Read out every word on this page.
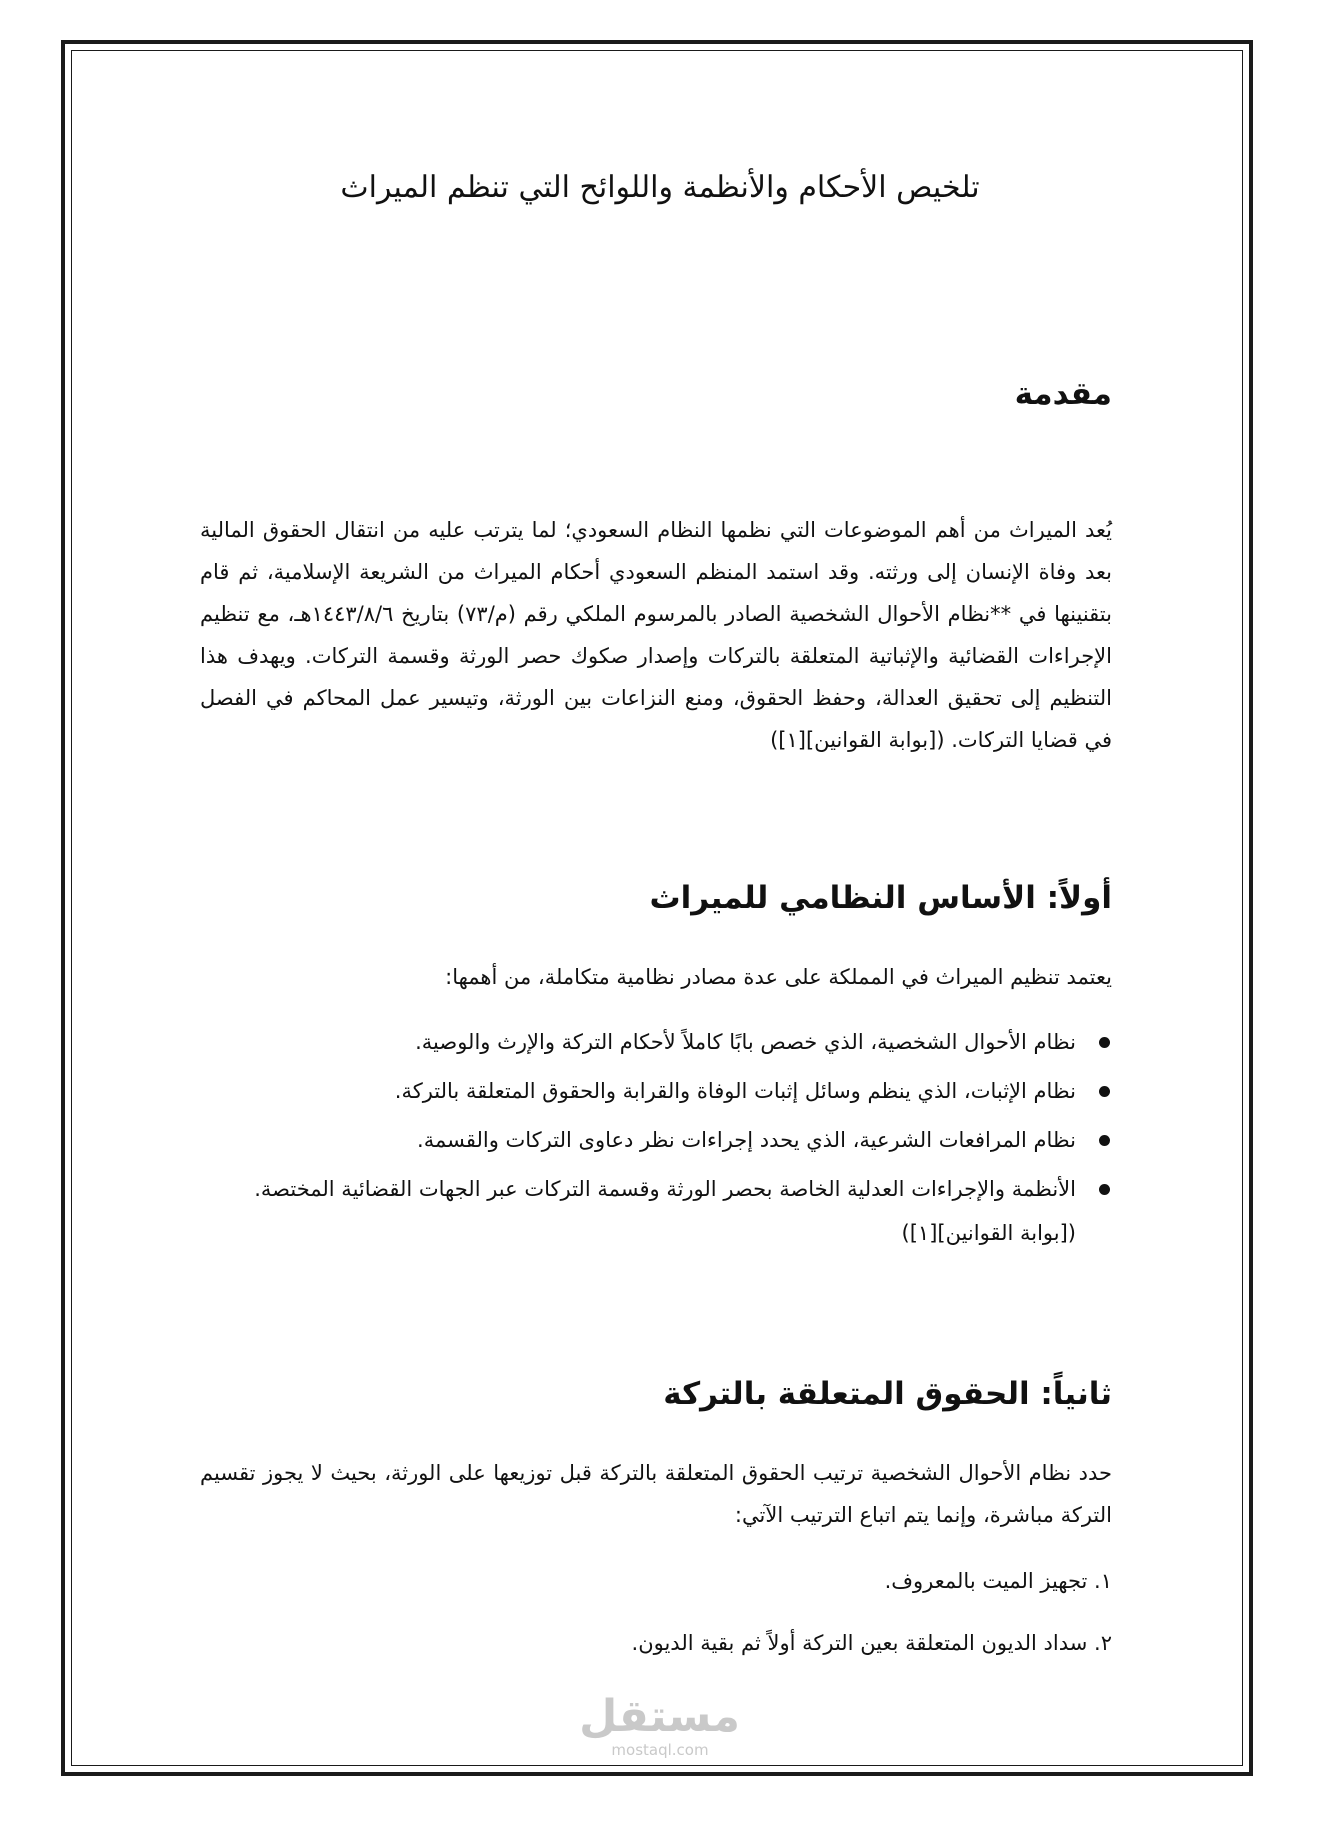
تلخيص الأحكام والأنظمة واللوائح التي تنظم الميراث
مقدمة

يُعد الميراث من أهم الموضوعات التي نظمها النظام السعودي؛ لما يترتب عليه من انتقال الحقوق المالية بعد وفاة الإنسان إلى ورثته. وقد استمد المنظم السعودي أحكام الميراث من الشريعة الإسلامية، ثم قام بتقنينها في **نظام الأحوال الشخصية الصادر بالمرسوم الملكي رقم (م/٧٣) بتاريخ ١٤٤٣/٨/٦هـ، مع تنظيم الإجراءات القضائية والإثباتية المتعلقة بالتركات وإصدار صكوك حصر الورثة وقسمة التركات. ويهدف هذا التنظيم إلى تحقيق العدالة، وحفظ الحقوق، ومنع النزاعات بين الورثة، وتيسير عمل المحاكم في الفصل في قضايا التركات. ([بوابة القوانين][١])

أولاً: الأساس النظامي للميراث

يعتمد تنظيم الميراث في المملكة على عدة مصادر نظامية متكاملة، من أهمها:

نظام الأحوال الشخصية، الذي خصص بابًا كاملاً لأحكام التركة والإرث والوصية.
نظام الإثبات، الذي ينظم وسائل إثبات الوفاة والقرابة والحقوق المتعلقة بالتركة.
نظام المرافعات الشرعية، الذي يحدد إجراءات نظر دعاوى التركات والقسمة.
الأنظمة والإجراءات العدلية الخاصة بحصر الورثة وقسمة التركات عبر الجهات القضائية المختصة. ([بوابة القوانين][١])
ثانياً: الحقوق المتعلقة بالتركة

حدد نظام الأحوال الشخصية ترتيب الحقوق المتعلقة بالتركة قبل توزيعها على الورثة، بحيث لا يجوز تقسيم التركة مباشرة، وإنما يتم اتباع الترتيب الآتي:

١. تجهيز الميت بالمعروف.

٢. سداد الديون المتعلقة بعين التركة أولاً ثم بقية الديون.

مستقل
mostaql.com
